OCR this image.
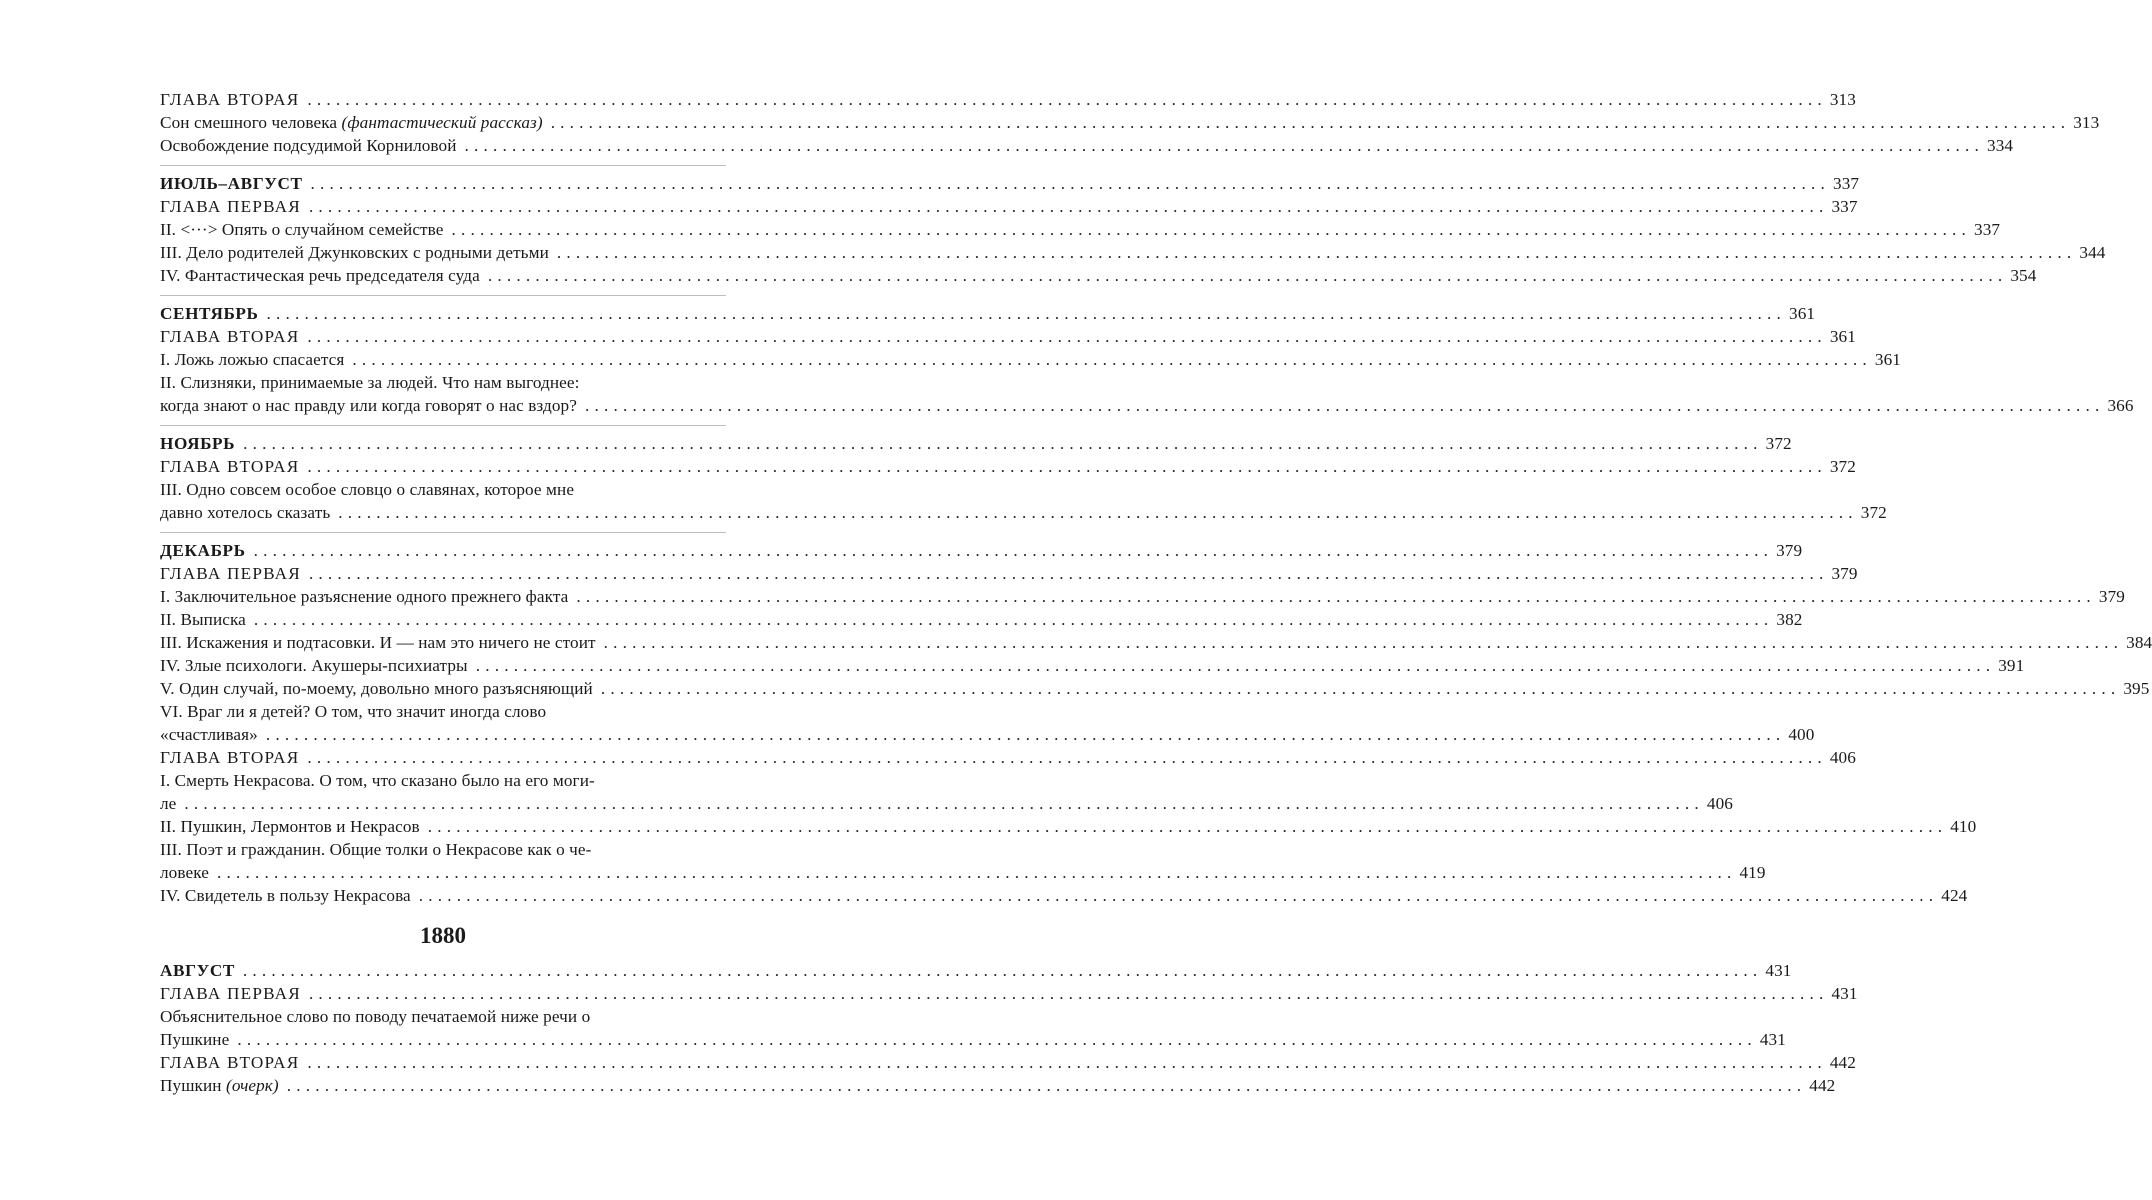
ГЛАВА ВТОРАЯ ................................................................................................................................................................ 313
Сон смешного человека (фантастический рассказ) ................................................................................................................................................................ 313
Освобождение подсудимой Корниловой ................................................................................................................................................................ 334
ИЮЛЬ–АВГУСТ ................................................................................................................................................................ 337
ГЛАВА ПЕРВАЯ ................................................................................................................................................................ 337
II. <···> Опять о случайном семействе ................................................................................................................................................................ 337
III. Дело родителей Джунковских с родными детьми ................................................................................................................................................................ 344
IV. Фантастическая речь председателя суда ................................................................................................................................................................ 354
СЕНТЯБРЬ ................................................................................................................................................................ 361
ГЛАВА ВТОРАЯ ................................................................................................................................................................ 361
I. Ложь ложью спасается ................................................................................................................................................................ 361
II. Слизняки, принимаемые за людей. Что нам выгоднее:
когда знают о нас правду или когда говорят о нас вздор? ................................................................................................................................................................ 366
НОЯБРЬ ................................................................................................................................................................ 372
ГЛАВА ВТОРАЯ ................................................................................................................................................................ 372
III. Одно совсем особое словцо о славянах, которое мне
давно хотелось сказать ................................................................................................................................................................ 372
ДЕКАБРЬ ................................................................................................................................................................ 379
ГЛАВА ПЕРВАЯ ................................................................................................................................................................ 379
I. Заключительное разъяснение одного прежнего факта ................................................................................................................................................................ 379
II. Выписка ................................................................................................................................................................ 382
III. Искажения и подтасовки. И — нам это ничего не стоит ................................................................................................................................................................ 384
IV. Злые психологи. Акушеры-психиатры ................................................................................................................................................................ 391
V. Один случай, по-моему, довольно много разъясняющий ................................................................................................................................................................ 395
VI. Враг ли я детей? О том, что значит иногда слово
«счастливая» ................................................................................................................................................................ 400
ГЛАВА ВТОРАЯ ................................................................................................................................................................ 406
I. Смерть Некрасова. О том, что сказано было на его моги-
ле ................................................................................................................................................................ 406
II. Пушкин, Лермонтов и Некрасов ................................................................................................................................................................ 410
III. Поэт и гражданин. Общие толки о Некрасове как о че-
ловеке ................................................................................................................................................................ 419
IV. Свидетель в пользу Некрасова ................................................................................................................................................................ 424
1880
АВГУСТ ................................................................................................................................................................ 431
ГЛАВА ПЕРВАЯ ................................................................................................................................................................ 431
Объяснительное слово по поводу печатаемой ниже речи о
Пушкине ................................................................................................................................................................ 431
ГЛАВА ВТОРАЯ ................................................................................................................................................................ 442
Пушкин (очерк) ................................................................................................................................................................ 442
